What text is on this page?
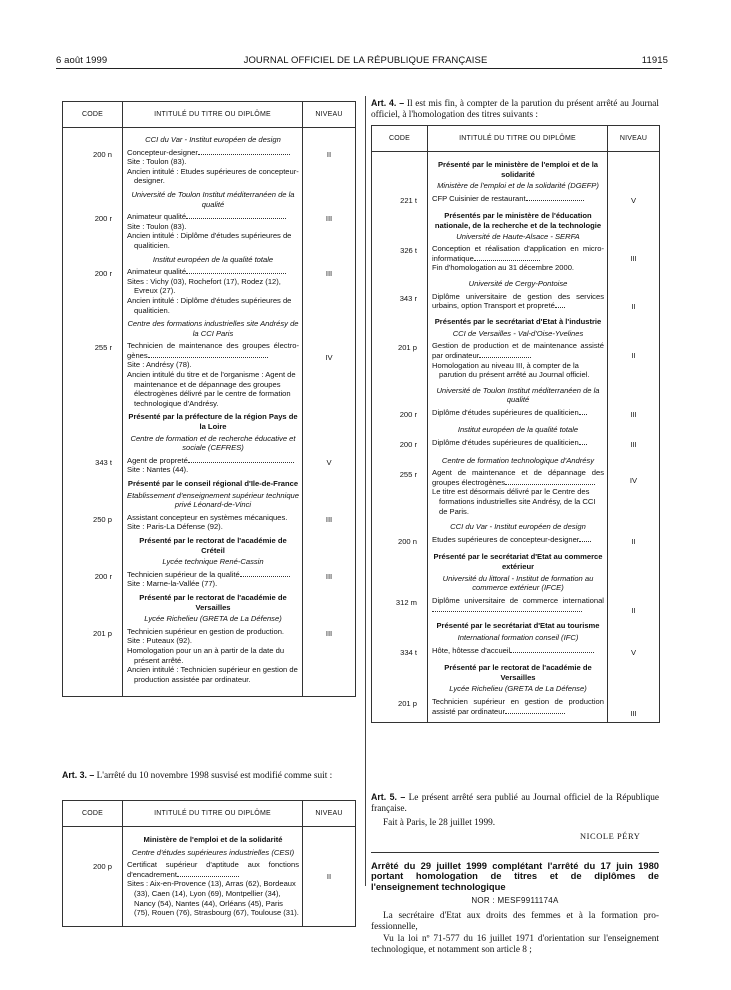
6 août 1999	JOURNAL OFFICIEL DE LA RÉPUBLIQUE FRANÇAISE	11915
CODE	INTITULÉ DU TITRE OU DIPLÔME	NIVEAU

	CCI du Var - Institut européen de design	

200 n	Concepteur-designer
Site : Toulon (83).
Ancien intitulé : Etudes supérieures de concepteur-designer.	II

	Université de Toulon Institut méditerranéen de la qualité	

200 r	Animateur qualité
Site : Toulon (83).
Ancien intitulé : Diplôme d'études supérieures de qualiticien.	III

	Institut européen de la qualité totale	

200 r	Animateur qualité
Sites : Vichy (03), Rochefort (17), Rodez (12), Evreux (27).
Ancien intitulé : Diplôme d'études supérieures de qualiticien.	III

	Centre des formations industrielles site Andrésy de la CCI Paris	

255 r	Technicien de maintenance des groupes électrogènes
Site : Andrésy (78).
Ancien intitulé du titre et de l'organisme : Agent de maintenance et de dépannage des groupes électrogènes délivré par le centre de formation technologique d'Andrésy.	IV

	Présenté par la préfecture de la région Pays de la Loire
Centre de formation et de recherche éducative et sociale (CEFRES)	

343 t	Agent de propreté
Site : Nantes (44).	V

	Présenté par le conseil régional d'Ile-de-France
Etablissement d'enseignement supérieur technique privé Léonard-de-Vinci	

250 p	Assistant concepteur en systèmes mécaniques.
Site : Paris-La Défense (92).	III

	Présenté par le rectorat de l'académie de Créteil
Lycée technique René-Cassin	

200 r	Technicien supérieur de la qualité
Site : Marne-la-Vallée (77).	III

	Présenté par le rectorat de l'académie de Versailles
Lycée Richelieu (GRETA de La Défense)	

201 p	Technicien supérieur en gestion de production.
Site : Puteaux (92).
Homologation pour un an à partir de la date du présent arrêté.
Ancien intitulé : Technicien supérieur en gestion de production assistée par ordinateur.	III

Art. 3. – L'arrêté du 10 novembre 1998 susvisé est modifié comme suit :

CODE	INTITULÉ DU TITRE OU DIPLÔME	NIVEAU

	Ministère de l'emploi et de la solidarité
Centre d'études supérieures industrielles (CESI)	

200 p	Certificat supérieur d'aptitude aux fonctions d'encadrement
Sites : Aix-en-Provence (13), Arras (62), Bordeaux (33), Caen (14), Lyon (69), Montpellier (34), Nancy (54), Nantes (44), Orléans (45), Paris (75), Rouen (76), Strasbourg (67), Toulouse (31).	II

Art. 4. – Il est mis fin, à compter de la parution du présent arrêté au Journal officiel, à l'homologation des titres suivants :

CODE	INTITULÉ DU TITRE OU DIPLÔME	NIVEAU

	Présenté par le ministère de l'emploi et de la solidarité
Ministère de l'emploi et de la solidarité (DGEFP)	

221 t	CFP Cuisinier de restaurant	V

	Présentés par le ministère de l'éducation nationale, de la recherche et de la technologie
Université de Haute-Alsace - SERFA	

326 t	Conception et réalisation d'application en micro-informatique
Fin d'homologation au 31 décembre 2000.	III

	Université de Cergy-Pontoise	

343 r	Diplôme universitaire de gestion des services urbains, option Transport et propreté	II

	Présentés par le secrétariat d'Etat à l'industrie
CCI de Versailles - Val-d'Oise-Yvelines	

201 p	Gestion de production et de maintenance assisté par ordinateur
Homologation au niveau III, à compter de la parution du présent arrêté au Journal officiel.	II

	Université de Toulon Institut méditerranéen de la qualité	

200 r	Diplôme d'études supérieures de qualiticien	III

	Institut européen de la qualité totale	

200 r	Diplôme d'études supérieures de qualiticien	III

	Centre de formation technologique d'Andrésy	

255 r	Agent de maintenance et de dépannage des groupes électrogènes
Le titre est désormais délivré par le Centre des formations industrielles site Andrésy, de la CCI de Paris.	IV

	CCI du Var - Institut européen de design	

200 n	Etudes supérieures de concepteur-designer	II

	Présenté par le secrétariat d'Etat au commerce extérieur
Université du littoral - Institut de formation au commerce extérieur (IFCE)	

312 m	Diplôme universitaire de commerce international	II

	Présenté par le secrétariat d'Etat au tourisme
International formation conseil (IFC)	

334 t	Hôte, hôtesse d'accueil	V

	Présenté par le rectorat de l'académie de Versailles
Lycée Richelieu (GRETA de La Défense)	

201 p	Technicien supérieur en gestion de production assisté par ordinateur	III

Art. 5. – Le présent arrêté sera publié au Journal officiel de la République française.

Fait à Paris, le 28 juillet 1999.

NICOLE PÉRY

Arrêté du 29 juillet 1999 complétant l'arrêté du 17 juin 1980 portant homologation de titres et de diplômes de l'enseignement technologique
NOR : MESF9911174A

La secrétaire d'Etat aux droits des femmes et à la formation professionnelle,

Vu la loi nº 71-577 du 16 juillet 1971 d'orientation sur l'enseignement technologique, et notamment son article 8 ;
